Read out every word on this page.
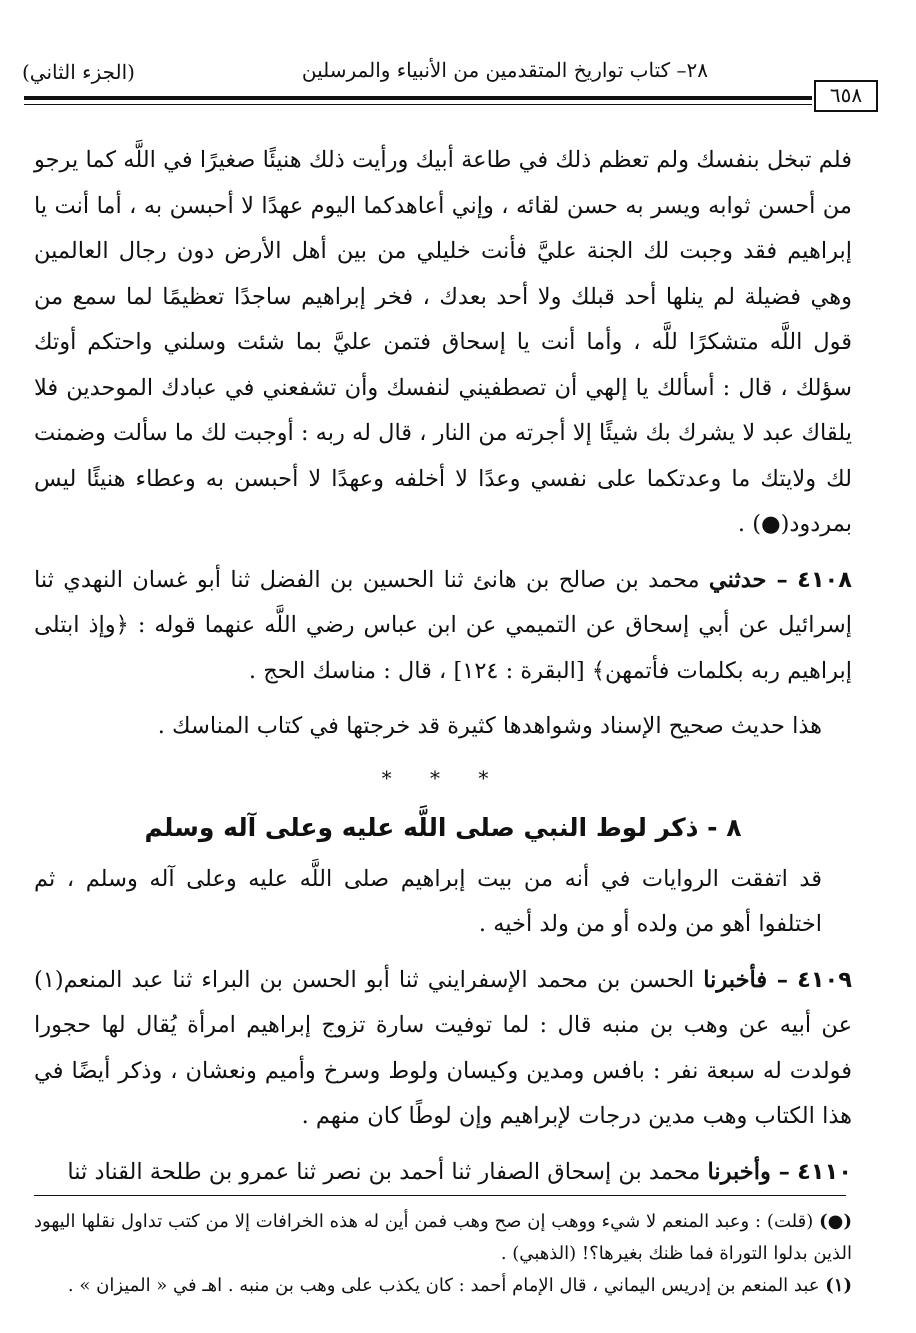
٦٥٨
٢٨– كتاب تواريخ المتقدمين من الأنبياء والمرسلين
(الجزء الثاني)

فلم تبخل بنفسك ولم تعظم ذلك في طاعة أبيك ورأيت ذلك هنيئًا صغيرًا في اللَّه كما يرجو من أحسن ثوابه ويسر به حسن لقائه ، وإني أعاهدكما اليوم عهدًا لا أحبسن به ، أما أنت يا إبراهيم فقد وجبت لك الجنة عليَّ فأنت خليلي من بين أهل الأرض دون رجال العالمين وهي فضيلة لم ينلها أحد قبلك ولا أحد بعدك ، فخر إبراهيم ساجدًا تعظيمًا لما سمع من قول اللَّه متشكرًا للَّه ، وأما أنت يا إسحاق فتمن عليَّ بما شئت وسلني واحتكم أوتك سؤلك ، قال : أسألك يا إلهي أن تصطفيني لنفسك وأن تشفعني في عبادك الموحدين فلا يلقاك عبد لا يشرك بك شيئًا إلا أجرته من النار ، قال له ربه : أوجبت لك ما سألت وضمنت لك ولايتك ما وعدتكما على نفسي وعدًا لا أخلفه وعهدًا لا أحبسن به وعطاء هنيئًا ليس بمردود(●) .

٤١٠٨ – حدثني محمد بن صالح بن هانئ ثنا الحسين بن الفضل ثنا أبو غسان النهدي ثنا إسرائيل عن أبي إسحاق عن التميمي عن ابن عباس رضي اللَّه عنهما قوله : ﴿وإذ ابتلى إبراهيم ربه بكلمات فأتمهن﴾ [البقرة : ١٢٤] ، قال : مناسك الحج .

هذا حديث صحيح الإسناد وشواهدها كثيرة قد خرجتها في كتاب المناسك .

* * *
٨ - ذكر لوط النبي صلى اللَّه عليه وعلى آله وسلم

قد اتفقت الروايات في أنه من بيت إبراهيم صلى اللَّه عليه وعلى آله وسلم ، ثم اختلفوا أهو من ولده أو من ولد أخيه .

٤١٠٩ – فأخبرنا الحسن بن محمد الإسفرايني ثنا أبو الحسن بن البراء ثنا عبد المنعم(١) عن أبيه عن وهب بن منبه قال : لما توفيت سارة تزوج إبراهيم امرأة يُقال لها حجورا فولدت له سبعة نفر : بافس ومدين وكيسان ولوط وسرخ وأميم ونعشان ، وذكر أيضًا في هذا الكتاب وهب مدين درجات لإبراهيم وإن لوطًا كان منهم .

٤١١٠ – وأخبرنا محمد بن إسحاق الصفار ثنا أحمد بن نصر ثنا عمرو بن طلحة القناد ثنا

(●) (قلت) : وعبد المنعم لا شيء ووهب إن صح وهب فمن أين له هذه الخرافات إلا من كتب تداول نقلها اليهود الذين بدلوا التوراة فما ظنك بغيرها؟! (الذهبي) .

(١) عبد المنعم بن إدريس اليماني ، قال الإمام أحمد : كان يكذب على وهب بن منبه . اهـ في « الميزان » .
